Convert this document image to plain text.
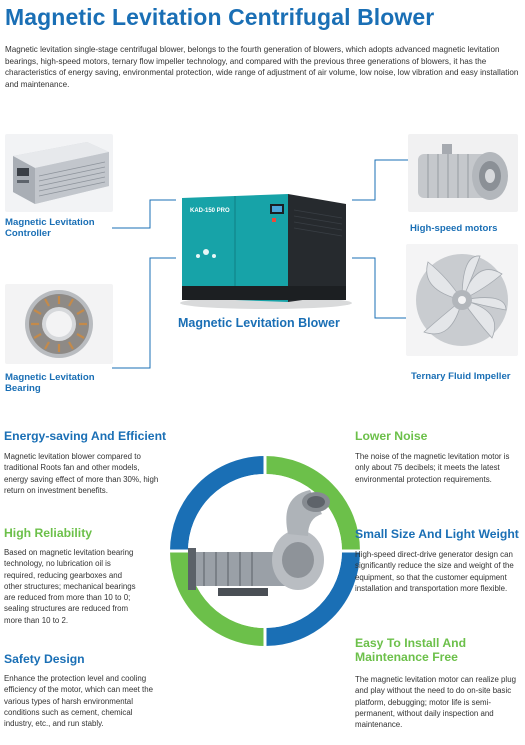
Magnetic Levitation Centrifugal Blower
Magnetic levitation single-stage centrifugal blower, belongs to the fourth generation of blowers, which adopts advanced magnetic levitation bearings, high-speed motors, ternary flow impeller technology, and compared with the previous three generations of blowers, it has the characteristics of energy saving, environmental protection, wide range of adjustment of air volume, low noise, low vibration and easy installation and maintenance.
Magnetic Levitation
Controller
Magnetic Levitation
Bearing
KAD-150 PRO
Magnetic Levitation Blower
High-speed motors
Ternary Fluid Impeller
Energy-saving And Efficient
Magnetic levitation blower compared to traditional Roots fan and other models, energy saving effect of more than 30%, high return on investment benefits.
High Reliability
Based on magnetic levitation bearing technology, no lubrication oil is required, reducing gearboxes and other structures; mechanical bearings are reduced from more than 10 to 0; sealing structures are reduced from more than 10 to 2.
Safety Design
Enhance the protection level and cooling efficiency of the motor, which can meet the various types of harsh environmental conditions such as cement, chemical industry, etc., and run stably.
Lower Noise
The noise of the magnetic levitation motor is only about 75 decibels; it meets the latest environmental protection requirements.
Small Size And Light Weight
High-speed direct-drive generator design can significantly reduce the size and weight of the equipment, so that the customer equipment installation and transportation more flexible.
Easy To Install And
Maintenance Free
The magnetic levitation motor can realize plug and play without the need to do on-site basic platform, debugging; motor life is semi-permanent, without daily inspection and maintenance.
